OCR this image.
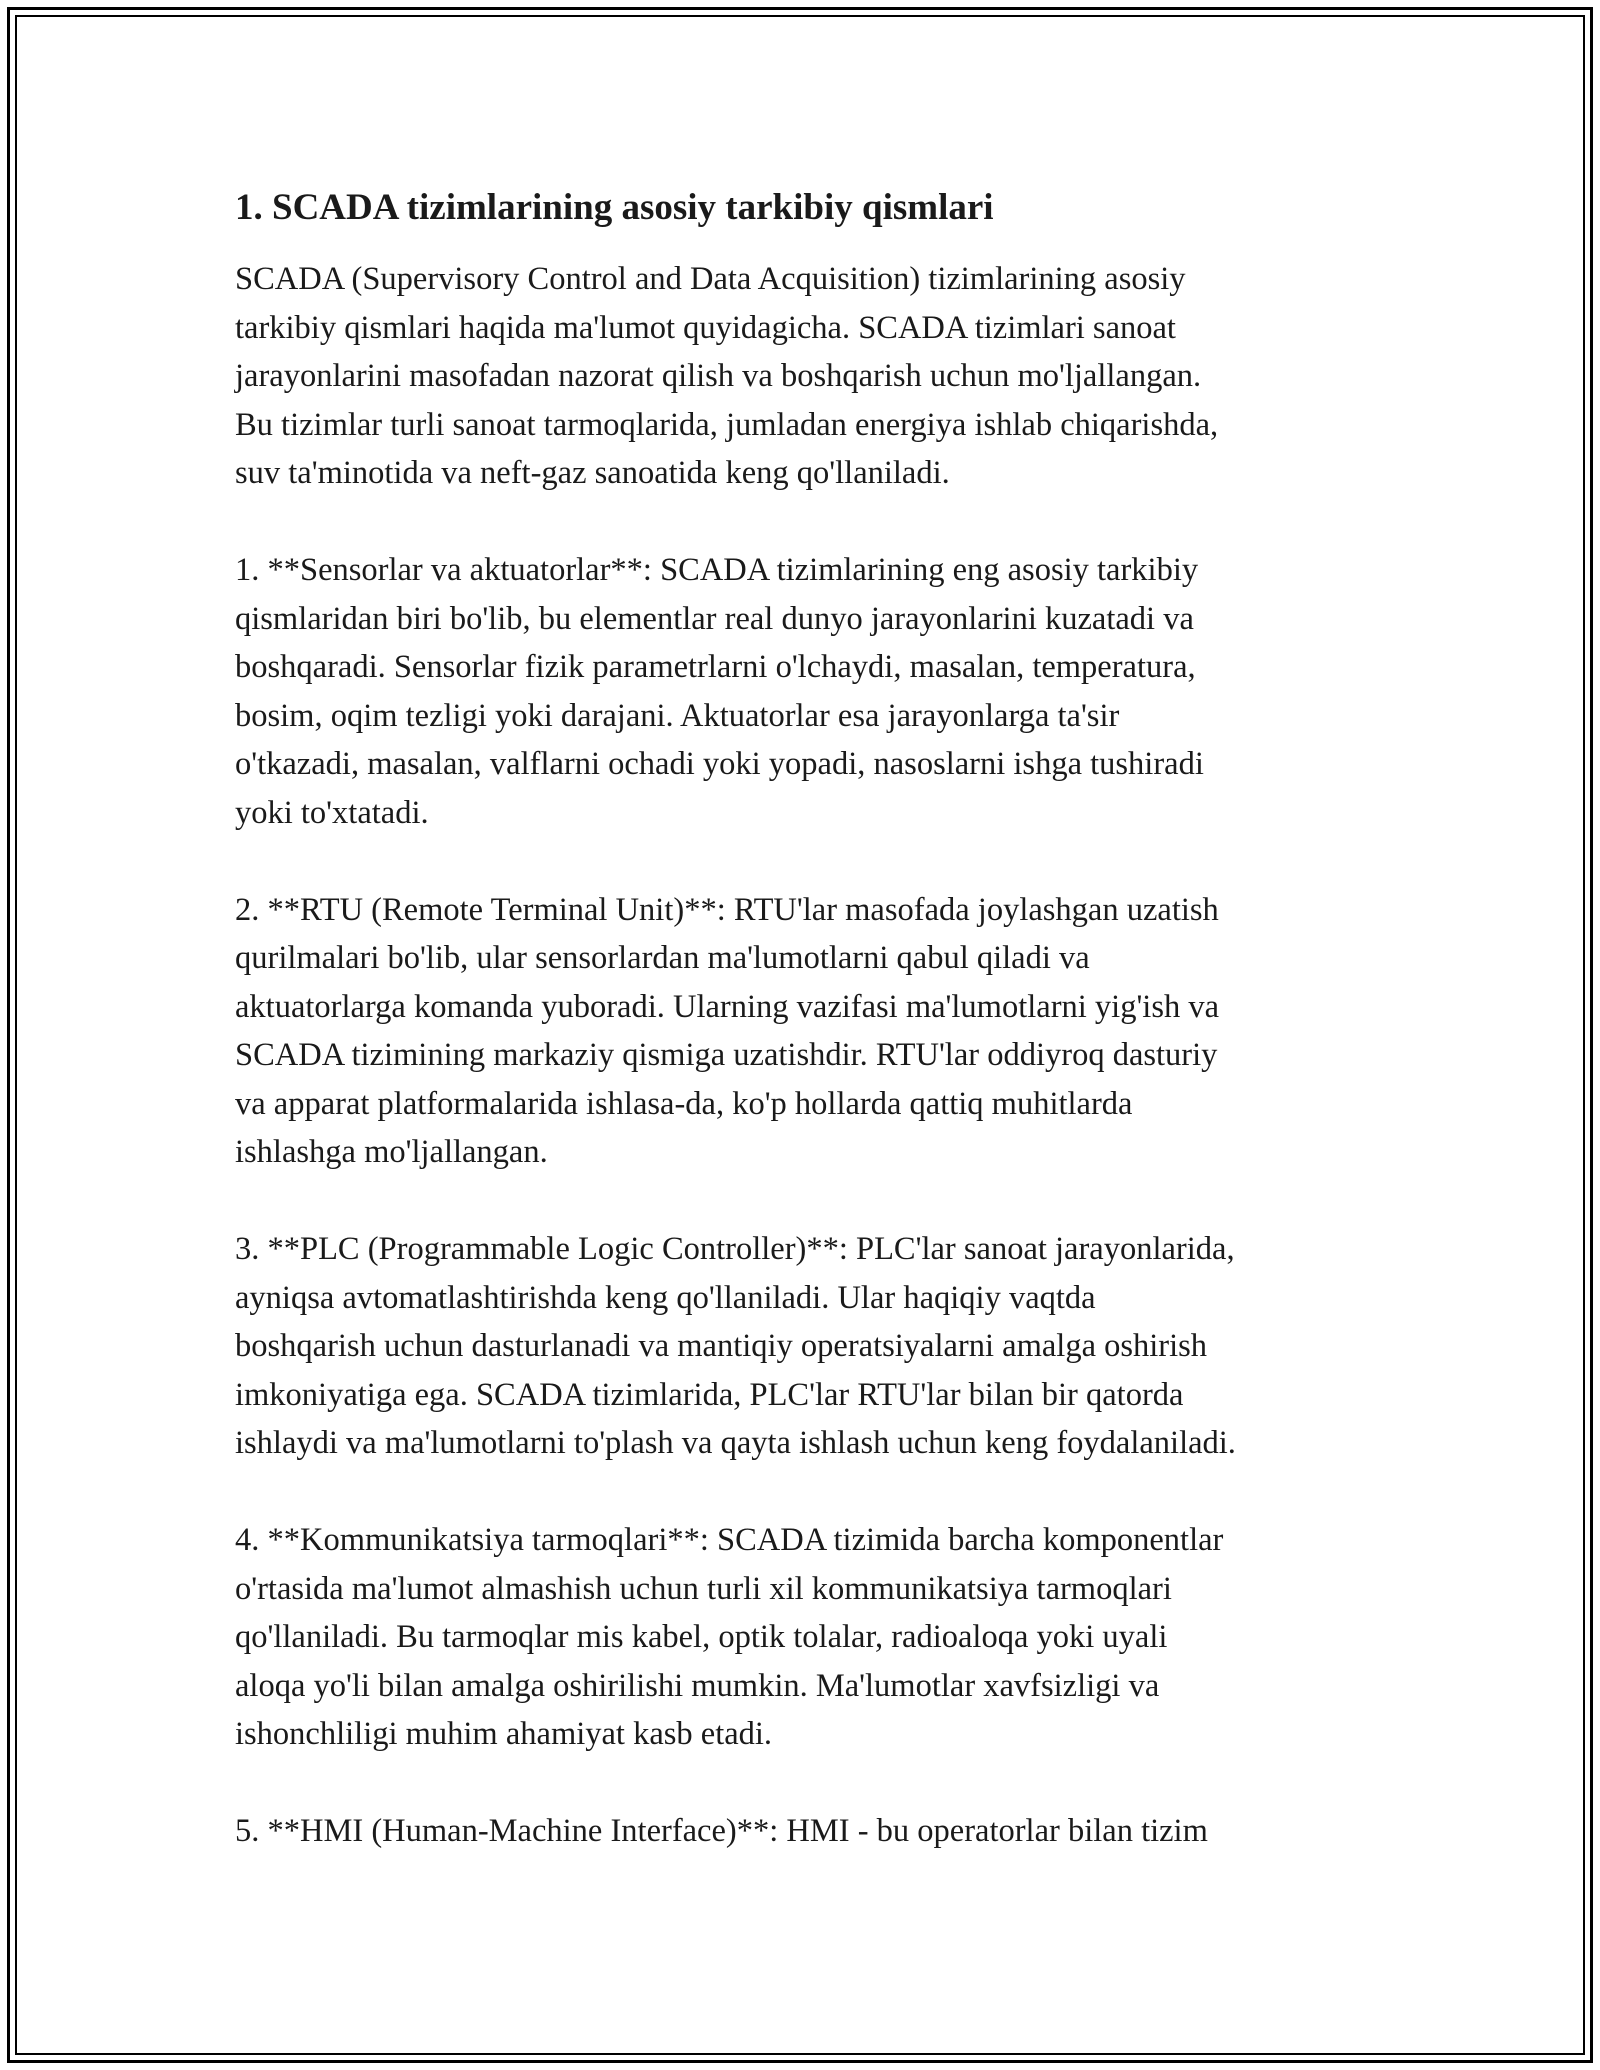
1. SCADA tizimlarining asosiy tarkibiy qismlari
SCADA (Supervisory Control and Data Acquisition) tizimlarining asosiy
tarkibiy qismlari haqida ma'lumot quyidagicha. SCADA tizimlari sanoat
jarayonlarini masofadan nazorat qilish va boshqarish uchun mo'ljallangan.
Bu tizimlar turli sanoat tarmoqlarida, jumladan energiya ishlab chiqarishda,
suv ta'minotida va neft-gaz sanoatida keng qo'llaniladi.
1. **Sensorlar va aktuatorlar**: SCADA tizimlarining eng asosiy tarkibiy
qismlaridan biri bo'lib, bu elementlar real dunyo jarayonlarini kuzatadi va
boshqaradi. Sensorlar fizik parametrlarni o'lchaydi, masalan, temperatura,
bosim, oqim tezligi yoki darajani. Aktuatorlar esa jarayonlarga ta'sir
o'tkazadi, masalan, valflarni ochadi yoki yopadi, nasoslarni ishga tushiradi
yoki to'xtatadi.
2. **RTU (Remote Terminal Unit)**: RTU'lar masofada joylashgan uzatish
qurilmalari bo'lib, ular sensorlardan ma'lumotlarni qabul qiladi va
aktuatorlarga komanda yuboradi. Ularning vazifasi ma'lumotlarni yig'ish va
SCADA tizimining markaziy qismiga uzatishdir. RTU'lar oddiyroq dasturiy
va apparat platformalarida ishlasa-da, ko'p hollarda qattiq muhitlarda
ishlashga mo'ljallangan.
3. **PLC (Programmable Logic Controller)**: PLC'lar sanoat jarayonlarida,
ayniqsa avtomatlashtirishda keng qo'llaniladi. Ular haqiqiy vaqtda
boshqarish uchun dasturlanadi va mantiqiy operatsiyalarni amalga oshirish
imkoniyatiga ega. SCADA tizimlarida, PLC'lar RTU'lar bilan bir qatorda
ishlaydi va ma'lumotlarni to'plash va qayta ishlash uchun keng foydalaniladi.
4. **Kommunikatsiya tarmoqlari**: SCADA tizimida barcha komponentlar
o'rtasida ma'lumot almashish uchun turli xil kommunikatsiya tarmoqlari
qo'llaniladi. Bu tarmoqlar mis kabel, optik tolalar, radioaloqa yoki uyali
aloqa yo'li bilan amalga oshirilishi mumkin. Ma'lumotlar xavfsizligi va
ishonchliligi muhim ahamiyat kasb etadi.
5. **HMI (Human-Machine Interface)**: HMI - bu operatorlar bilan tizim
